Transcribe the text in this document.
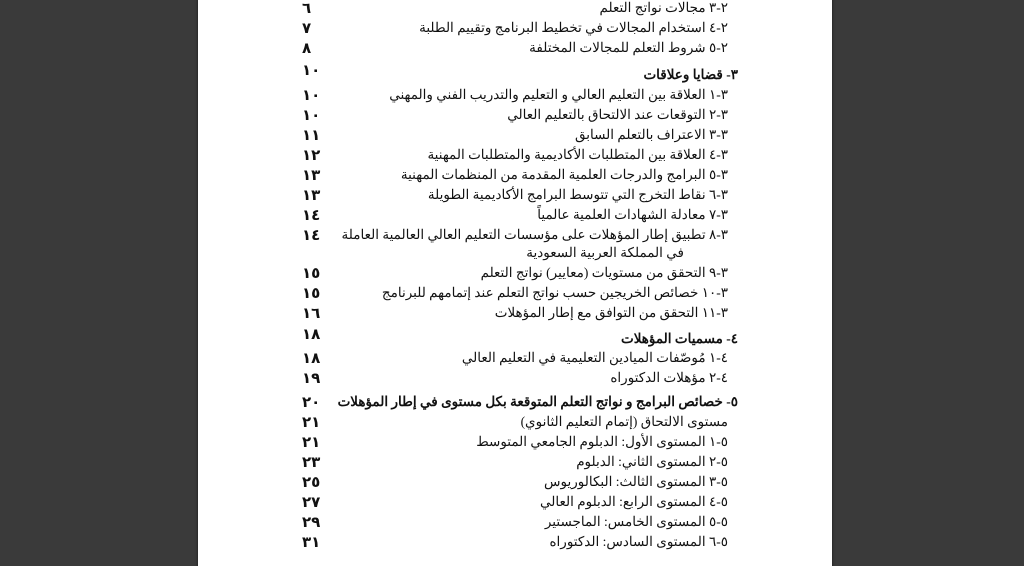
٢-٣ مجالات نواتج التعلم
٦
٢-٤ استخدام المجالات في تخطيط البرنامج وتقييم الطلبة
٧
٢-٥ شروط التعلم للمجالات المختلفة
٨
١٠	٣- قضايا وعلاقات
٣-١ العلاقة بين التعليم العالي و التعليم والتدريب الفني والمهني
١٠
٣-٢ التوقعات عند الالتحاق بالتعليم العالي
١٠
٣-٣ الاعتراف بالتعلم السابق
١١
٣-٤ العلاقة بين المتطلبات الأكاديمية والمتطلبات المهنية
١٢
٣-٥ البرامج والدرجات العلمية المقدمة من المنظمات المهنية
١٣
٣-٦ نقاط التخرج التي تتوسط البرامج الأكاديمية الطويلة
١٣
٣-٧ معادلة الشهادات العلمية عالمياً
١٤
٣-٨ تطبيق إطار المؤهلات على مؤسسات التعليم العالي العالمية العاملة
١٤
في المملكة العربية السعودية
٣-٩ التحقق من مستويات (معايير) نواتج التعلم
١٥
٣-١٠ خصائص الخريجين حسب نواتج التعلم عند إتمامهم للبرنامج
١٥
٣-١١ التحقق من التوافق مع إطار المؤهلات
١٦
١٨	٤- مسميات المؤهلات
٤-١ مُوصّفات الميادين التعليمية في التعليم العالي
١٨
٤-٢ مؤهلات الدكتوراه
١٩
٥- خصائص البرامج و نواتج التعلم المتوقعة بكل مستوى في إطار المؤهلات
٢٠
مستوى الالتحاق (إتمام التعليم الثانوي)
٢١
٥-١ المستوى الأول: الدبلوم الجامعي المتوسط
٢١
٥-٢ المستوى الثاني: الدبلوم
٢٣
٥-٣ المستوى الثالث: البكالوريوس
٢٥
٥-٤ المستوى الرابع: الدبلوم العالي
٢٧
٥-٥ المستوى الخامس: الماجستير
٢٩
٥-٦ المستوى السادس: الدكتوراه
٣١
